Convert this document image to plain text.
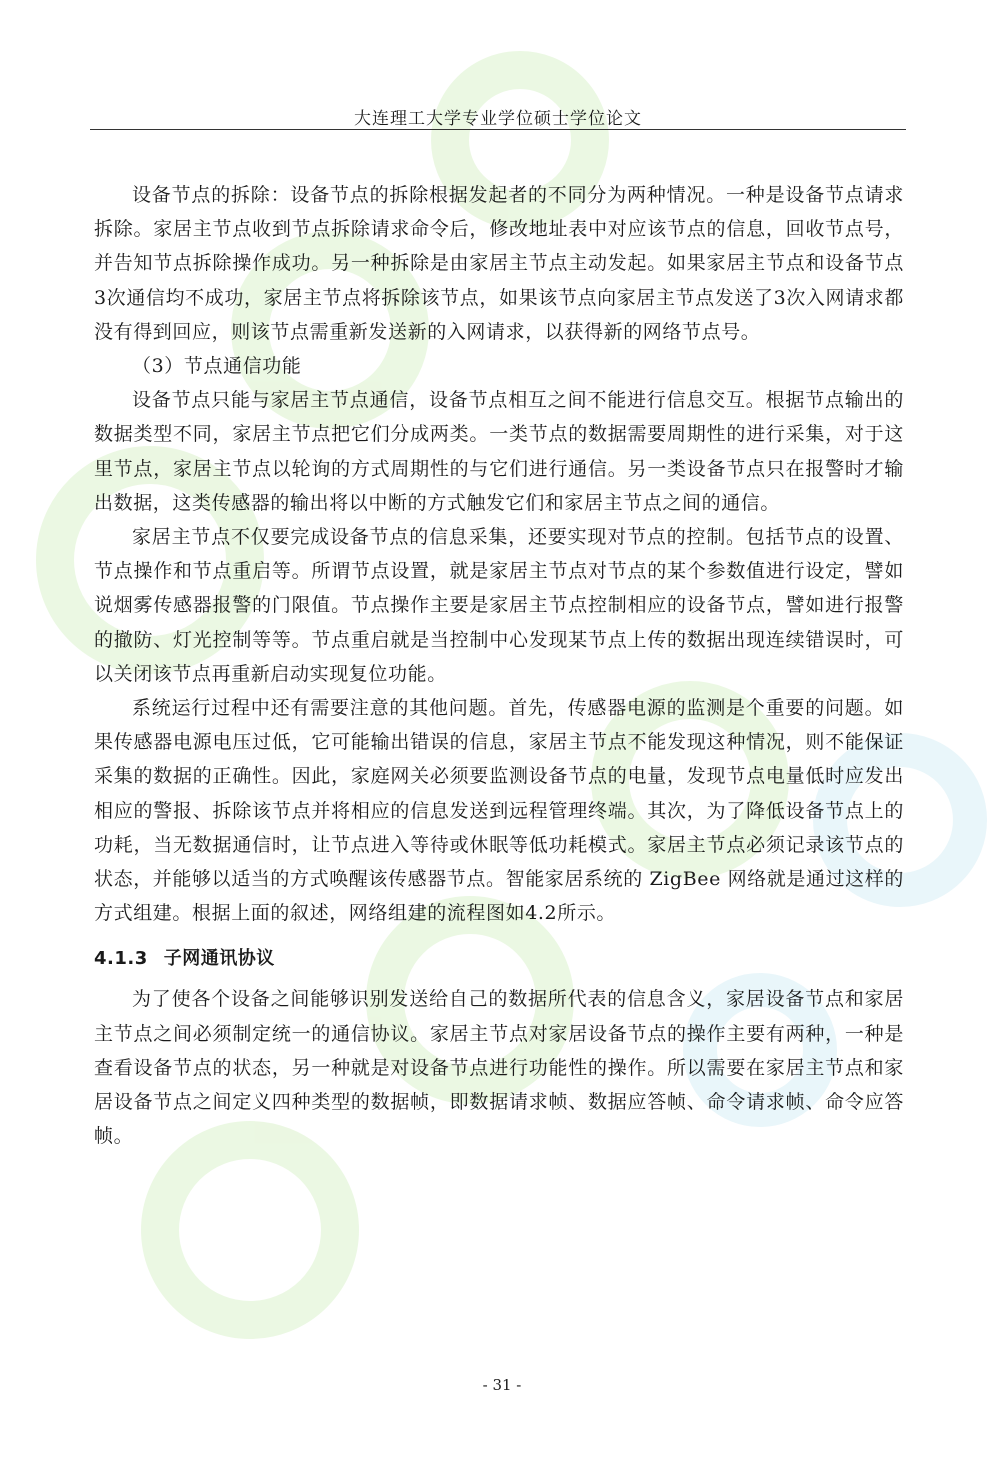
大连理工大学专业学位硕士学位论文

设备节点的拆除：设备节点的拆除根据发起者的不同分为两种情况。一种是设备节点请求拆除。家居主节点收到节点拆除请求命令后，修改地址表中对应该节点的信息，回收节点号，并告知节点拆除操作成功。另一种拆除是由家居主节点主动发起。如果家居主节点和设备节点3次通信均不成功，家居主节点将拆除该节点，如果该节点向家居主节点发送了3次入网请求都没有得到回应，则该节点需重新发送新的入网请求，以获得新的网络节点号。

（3）节点通信功能

设备节点只能与家居主节点通信，设备节点相互之间不能进行信息交互。根据节点输出的数据类型不同，家居主节点把它们分成两类。一类节点的数据需要周期性的进行采集，对于这里节点，家居主节点以轮询的方式周期性的与它们进行通信。另一类设备节点只在报警时才输出数据，这类传感器的输出将以中断的方式触发它们和家居主节点之间的通信。

家居主节点不仅要完成设备节点的信息采集，还要实现对节点的控制。包括节点的设置、节点操作和节点重启等。所谓节点设置，就是家居主节点对节点的某个参数值进行设定，譬如说烟雾传感器报警的门限值。节点操作主要是家居主节点控制相应的设备节点，譬如进行报警的撤防、灯光控制等等。节点重启就是当控制中心发现某节点上传的数据出现连续错误时，可以关闭该节点再重新启动实现复位功能。

系统运行过程中还有需要注意的其他问题。首先，传感器电源的监测是个重要的问题。如果传感器电源电压过低，它可能输出错误的信息，家居主节点不能发现这种情况，则不能保证采集的数据的正确性。因此，家庭网关必须要监测设备节点的电量，发现节点电量低时应发出相应的警报、拆除该节点并将相应的信息发送到远程管理终端。其次，为了降低设备节点上的功耗，当无数据通信时，让节点进入等待或休眠等低功耗模式。家居主节点必须记录该节点的状态，并能够以适当的方式唤醒该传感器节点。智能家居系统的 ZigBee 网络就是通过这样的方式组建。根据上面的叙述，网络组建的流程图如4.2所示。

4.1.3 子网通讯协议

为了使各个设备之间能够识别发送给自己的数据所代表的信息含义，家居设备节点和家居主节点之间必须制定统一的通信协议。家居主节点对家居设备节点的操作主要有两种，一种是查看设备节点的状态，另一种就是对设备节点进行功能性的操作。所以需要在家居主节点和家居设备节点之间定义四种类型的数据帧，即数据请求帧、数据应答帧、命令请求帧、命令应答帧。

- 31 -
